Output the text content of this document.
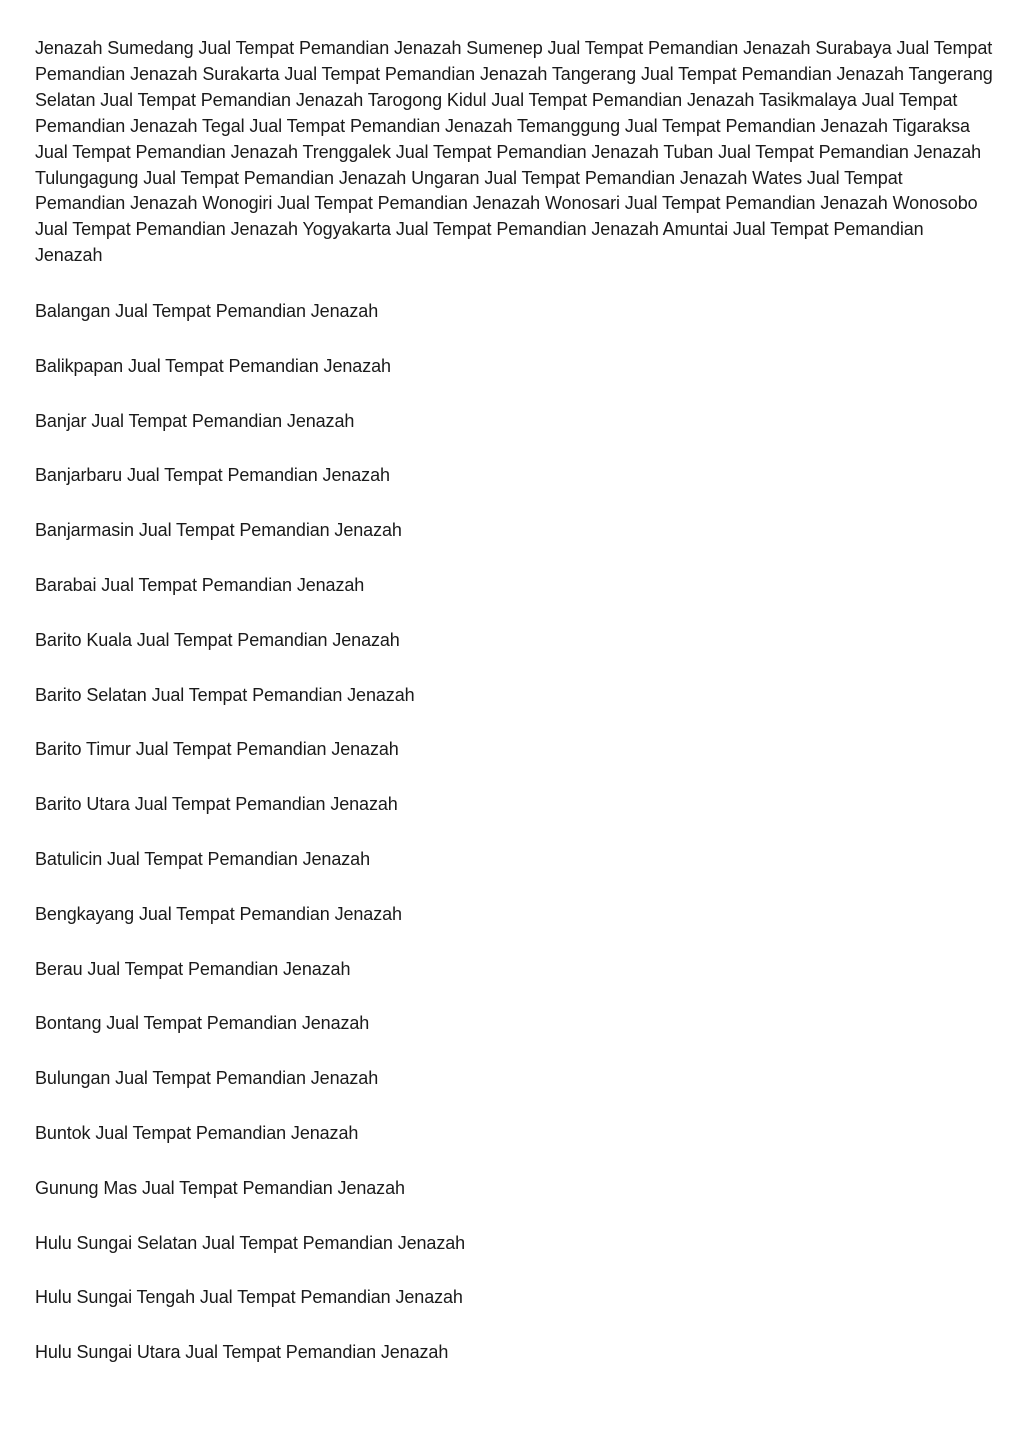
Jenazah Sumedang Jual Tempat Pemandian Jenazah Sumenep Jual Tempat Pemandian Jenazah Surabaya Jual Tempat Pemandian Jenazah Surakarta Jual Tempat Pemandian Jenazah Tangerang Jual Tempat Pemandian Jenazah Tangerang Selatan Jual Tempat Pemandian Jenazah Tarogong Kidul Jual Tempat Pemandian Jenazah Tasikmalaya Jual Tempat Pemandian Jenazah Tegal Jual Tempat Pemandian Jenazah Temanggung Jual Tempat Pemandian Jenazah Tigaraksa Jual Tempat Pemandian Jenazah Trenggalek Jual Tempat Pemandian Jenazah Tuban Jual Tempat Pemandian Jenazah Tulungagung Jual Tempat Pemandian Jenazah Ungaran Jual Tempat Pemandian Jenazah Wates Jual Tempat Pemandian Jenazah Wonogiri Jual Tempat Pemandian Jenazah Wonosari Jual Tempat Pemandian Jenazah Wonosobo Jual Tempat Pemandian Jenazah Yogyakarta Jual Tempat Pemandian Jenazah Amuntai Jual Tempat Pemandian Jenazah

Balangan Jual Tempat Pemandian Jenazah
Balikpapan Jual Tempat Pemandian Jenazah
Banjar Jual Tempat Pemandian Jenazah
Banjarbaru Jual Tempat Pemandian Jenazah
Banjarmasin Jual Tempat Pemandian Jenazah
Barabai Jual Tempat Pemandian Jenazah
Barito Kuala Jual Tempat Pemandian Jenazah
Barito Selatan Jual Tempat Pemandian Jenazah
Barito Timur Jual Tempat Pemandian Jenazah
Barito Utara Jual Tempat Pemandian Jenazah
Batulicin Jual Tempat Pemandian Jenazah
Bengkayang Jual Tempat Pemandian Jenazah
Berau Jual Tempat Pemandian Jenazah
Bontang Jual Tempat Pemandian Jenazah
Bulungan Jual Tempat Pemandian Jenazah
Buntok Jual Tempat Pemandian Jenazah
Gunung Mas Jual Tempat Pemandian Jenazah
Hulu Sungai Selatan Jual Tempat Pemandian Jenazah
Hulu Sungai Tengah Jual Tempat Pemandian Jenazah
Hulu Sungai Utara Jual Tempat Pemandian Jenazah
